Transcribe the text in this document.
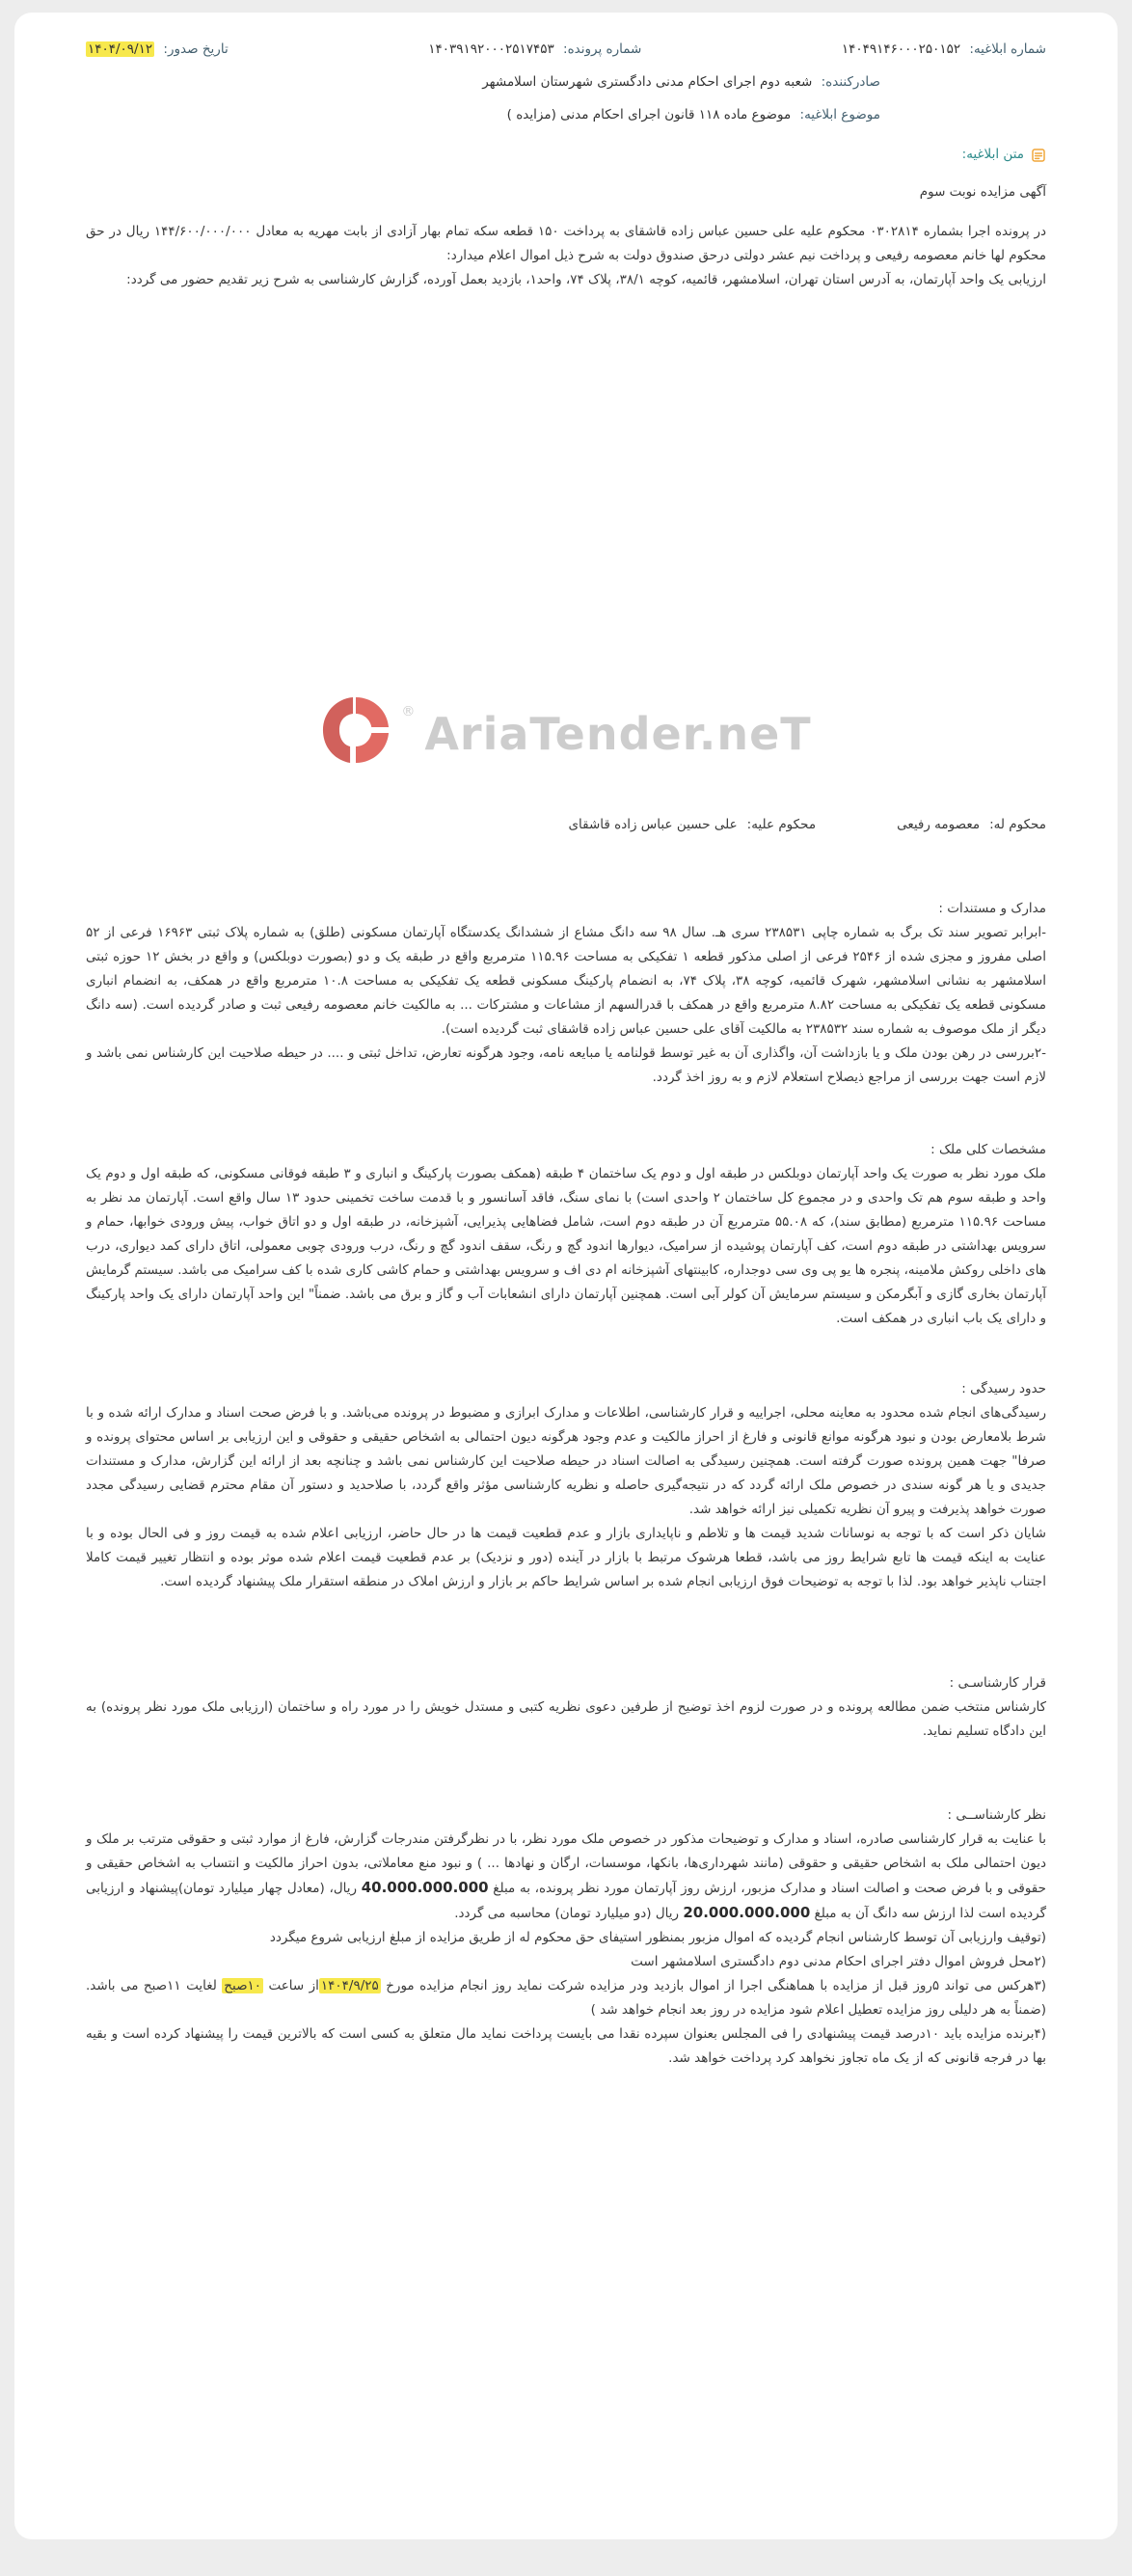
شماره ابلاغیه: ۱۴۰۴۹۱۴۶۰۰۰۲۵۰۱۵۲
شماره پرونده: ۱۴۰۳۹۱۹۲۰۰۰۲۵۱۷۴۵۳
تاریخ صدور: ۱۴۰۴/۰۹/۱۲
صادرکننده: شعبه دوم اجرای احکام مدنی دادگستری شهرستان اسلامشهر
موضوع ابلاغیه: موضوع ماده ۱۱۸ قانون اجرای احکام مدنی (مزایده )
متن ابلاغیه:
آگهی مزایده نوبت سوم

در پرونده اجرا بشماره ۰۳۰۲۸۱۴ محکوم علیه علی حسین عباس زاده قاشقای به پرداخت ۱۵۰ قطعه سکه تمام بهار آزادی از بابت مهریه به معادل ۱۴۴/۶۰۰/۰۰۰/۰۰۰ ریال در حق محکوم لها خانم معصومه رفیعی و پرداخت نیم عشر دولتی درحق صندوق دولت به شرح ذیل اموال اعلام میدارد:

ارزیابی یک واحد آپارتمان، به آدرس استان تهران، اسلامشهر، قائمیه، کوچه ۳۸/۱، پلاک ۷۴، واحد۱، بازدید بعمل آورده، گزارش کارشناسی به شرح زیر تقدیم حضور می گردد:

® AriaTender.neT
محکوم له:
معصومه رفیعی
محکوم علیه:
علی حسین عباس زاده قاشقای
مدارک و مستندات :

-ابرابر تصویر سند تک برگ به شماره چاپی ۲۳۸۵۳۱ سری هـ. سال ۹۸ سه دانگ مشاع از ششدانگ یکدستگاه آپارتمان مسکونی (طلق) به شماره پلاک ثبتی ۱۶۹۶۳ فرعی از ۵۲ اصلی مفروز و مجزی شده از ۲۵۴۶ فرعی از اصلی مذکور قطعه ۱ تفکیکی به مساحت ۱۱۵.۹۶ مترمربع واقع در طبقه یک و دو (بصورت دوبلکس) و واقع در بخش ۱۲ حوزه ثبتی اسلامشهر به نشانی اسلامشهر، شهرک قائمیه، کوچه ۳۸، پلاک ۷۴، به انضمام پارکینگ مسکونی قطعه یک تفکیکی به مساحت ۱۰.۸ مترمربع واقع در همکف، به انضمام انباری مسکونی قطعه یک تفکیکی به مساحت ۸.۸۲ مترمربع واقع در همکف با قدرالسهم از مشاعات و مشترکات ... به مالکیت خانم معصومه رفیعی ثبت و صادر گردیده است. (سه دانگ دیگر از ملک موصوف به شماره سند ۲۳۸۵۳۲ به مالکیت آقای علی حسین عباس زاده قاشقای ثبت گردیده است).

-۲بررسی در رهن بودن ملک و یا بازداشت آن، واگذاری آن به غیر توسط قولنامه یا مبایعه نامه، وجود هرگونه تعارض، تداخل ثبتی و .... در حیطه صلاحیت این کارشناس نمی باشد و لازم است جهت بررسی از مراجع ذیصلاح استعلام لازم و به روز اخذ گردد.

مشخصات کلی ملک :

ملک مورد نظر به صورت یک واحد آپارتمان دوبلکس در طبقه اول و دوم یک ساختمان ۴ طبقه (همکف بصورت پارکینگ و انباری و ۳ طبقه فوقانی مسکونی، که طبقه اول و دوم یک واحد و طبقه سوم هم تک واحدی و در مجموع کل ساختمان ۲ واحدی است) با نمای سنگ، فاقد آسانسور و با قدمت ساخت تخمینی حدود ۱۳ سال واقع است. آپارتمان مد نظر به مساحت ۱۱۵.۹۶ مترمربع (مطابق سند)، که ۵۵.۰۸ مترمربع آن در طبقه دوم است، شامل فضاهایی پذیرایی، آشپزخانه، در طبقه اول و دو اتاق خواب، پیش ورودی خوابها، حمام و سرویس بهداشتی در طبقه دوم است، کف آپارتمان پوشیده از سرامیک، دیوارها اندود گچ و رنگ، سقف اندود گچ و رنگ، درب ورودی چوبی معمولی، اتاق دارای کمد دیواری، درب های داخلی روکش ملامینه، پنجره ها یو پی وی سی دوجداره، کابینتهای آشپزخانه ام دی اف و سرویس بهداشتی و حمام کاشی کاری شده با کف سرامیک می باشد. سیستم گرمایش آپارتمان بخاری گازی و آبگرمکن و سیستم سرمایش آن کولر آبی است. همچنین آپارتمان دارای انشعابات آب و گاز و برق می باشد. ضمناً" این واحد آپارتمان دارای یک واحد پارکینگ و دارای یک باب انباری در همکف است.

حدود رسیدگی :

رسیدگی‌های انجام شده محدود به معاینه محلی، اجراییه و قرار کارشناسی، اطلاعات و مدارک ابرازی و مضبوط در پرونده می‌باشد. و با فرض صحت اسناد و مدارک ارائه شده و با شرط بلامعارض بودن و نبود هرگونه موانع قانونی و فارغ از احراز مالکیت و عدم وجود هرگونه دیون احتمالی به اشخاص حقیقی و حقوقی و این ارزیابی بر اساس محتوای پرونده و صرفا" جهت همین پرونده صورت گرفته است. همچنین رسیدگی به اصالت اسناد در حیطه صلاحیت این کارشناس نمی باشد و چنانچه بعد از ارائه این گزارش، مدارک و مستندات جدیدی و یا هر گونه سندی در خصوص ملک ارائه گردد که در نتیجه‌گیری حاصله و نظریه کارشناسی مؤثر واقع گردد، با صلاحدید و دستور آن مقام محترم قضایی رسیدگی مجدد صورت خواهد پذیرفت و پیرو آن نظریه تکمیلی نیز ارائه خواهد شد.

شایان ذکر است که با توجه به نوسانات شدید قیمت ها و تلاطم و ناپایداری بازار و عدم قطعیت قیمت ها در حال حاضر، ارزیابی اعلام شده به قیمت روز و فی الحال بوده و با عنایت به اینکه قیمت ها تابع شرایط روز می باشد، قطعا هرشوک مرتبط با بازار در آینده (دور و نزدیک) بر عدم قطعیت قیمت اعلام شده موثر بوده و انتظار تغییر قیمت کاملا اجتناب ناپذیر خواهد بود. لذا با توجه به توضیحات فوق ارزیابی انجام شده بر اساس شرایط حاکم بر بازار و ارزش املاک در منطقه استقرار ملک پیشنهاد گردیده است.

قرار کارشناسـی :

کارشناس منتخب ضمن مطالعه پرونده و در صورت لزوم اخذ توضیح از طرفین دعوی نظریه کتبی و مستدل خویش را در مورد راه و ساختمان (ارزیابی ملک مورد نظر پرونده) به این دادگاه تسلیم نماید.

نظر کارشناســی :

با عنایت به قرار کارشناسی صادره، اسناد و مدارک و توضیحات مذکور در خصوص ملک مورد نظر، با در نظرگرفتن مندرجات گزارش، فارغ از موارد ثبتی و حقوقی مترتب بر ملک و دیون احتمالی ملک به اشخاص حقیقی و حقوقی (مانند شهرداری‌ها، بانکها، موسسات، ارگان و نهادها ... ) و نبود منع معاملاتی، بدون احراز مالکیت و انتساب به اشخاص حقیقی و حقوقی و با فرض صحت و اصالت اسناد و مدارک مزبور، ارزش روز آپارتمان مورد نظر پرونده، به مبلغ 40.000.000.000 ریال، (معادل چهار میلیارد تومان)پیشنهاد و ارزیابی گردیده است لذا ارزش سه دانگ آن به مبلغ 20.000.000.000 ریال (دو میلیارد تومان) محاسبه می گردد.

(توقیف وارزیابی آن توسط کارشناس انجام گردیده که اموال مزبور بمنظور استیفای حق محکوم له از طریق مزایده از مبلغ ارزیابی شروع میگردد

(۲محل فروش اموال دفتر اجرای احکام مدنی دوم دادگستری اسلامشهر است

(۳هرکس می تواند ۵روز قبل از مزایده با هماهنگی اجرا از اموال بازدید ودر مزایده شرکت نماید روز انجام مزایده مورخ ۱۴۰۴/۹/۲۵از ساعت ۱۰صبح لغایت ۱۱صبح می باشد.(ضمناً به هر دلیلی روز مزایده تعطیل اعلام شود مزایده در روز بعد انجام خواهد شد )

(۴برنده مزایده باید ۱۰درصد قیمت پیشنهادی را فی المجلس بعنوان سپرده نقدا می بایست پرداخت نماید مال متعلق به کسی است که بالاترین قیمت را پیشنهاد کرده است و بقیه بها در فرجه قانونی که از یک ماه تجاوز نخواهد کرد پرداخت خواهد شد.
